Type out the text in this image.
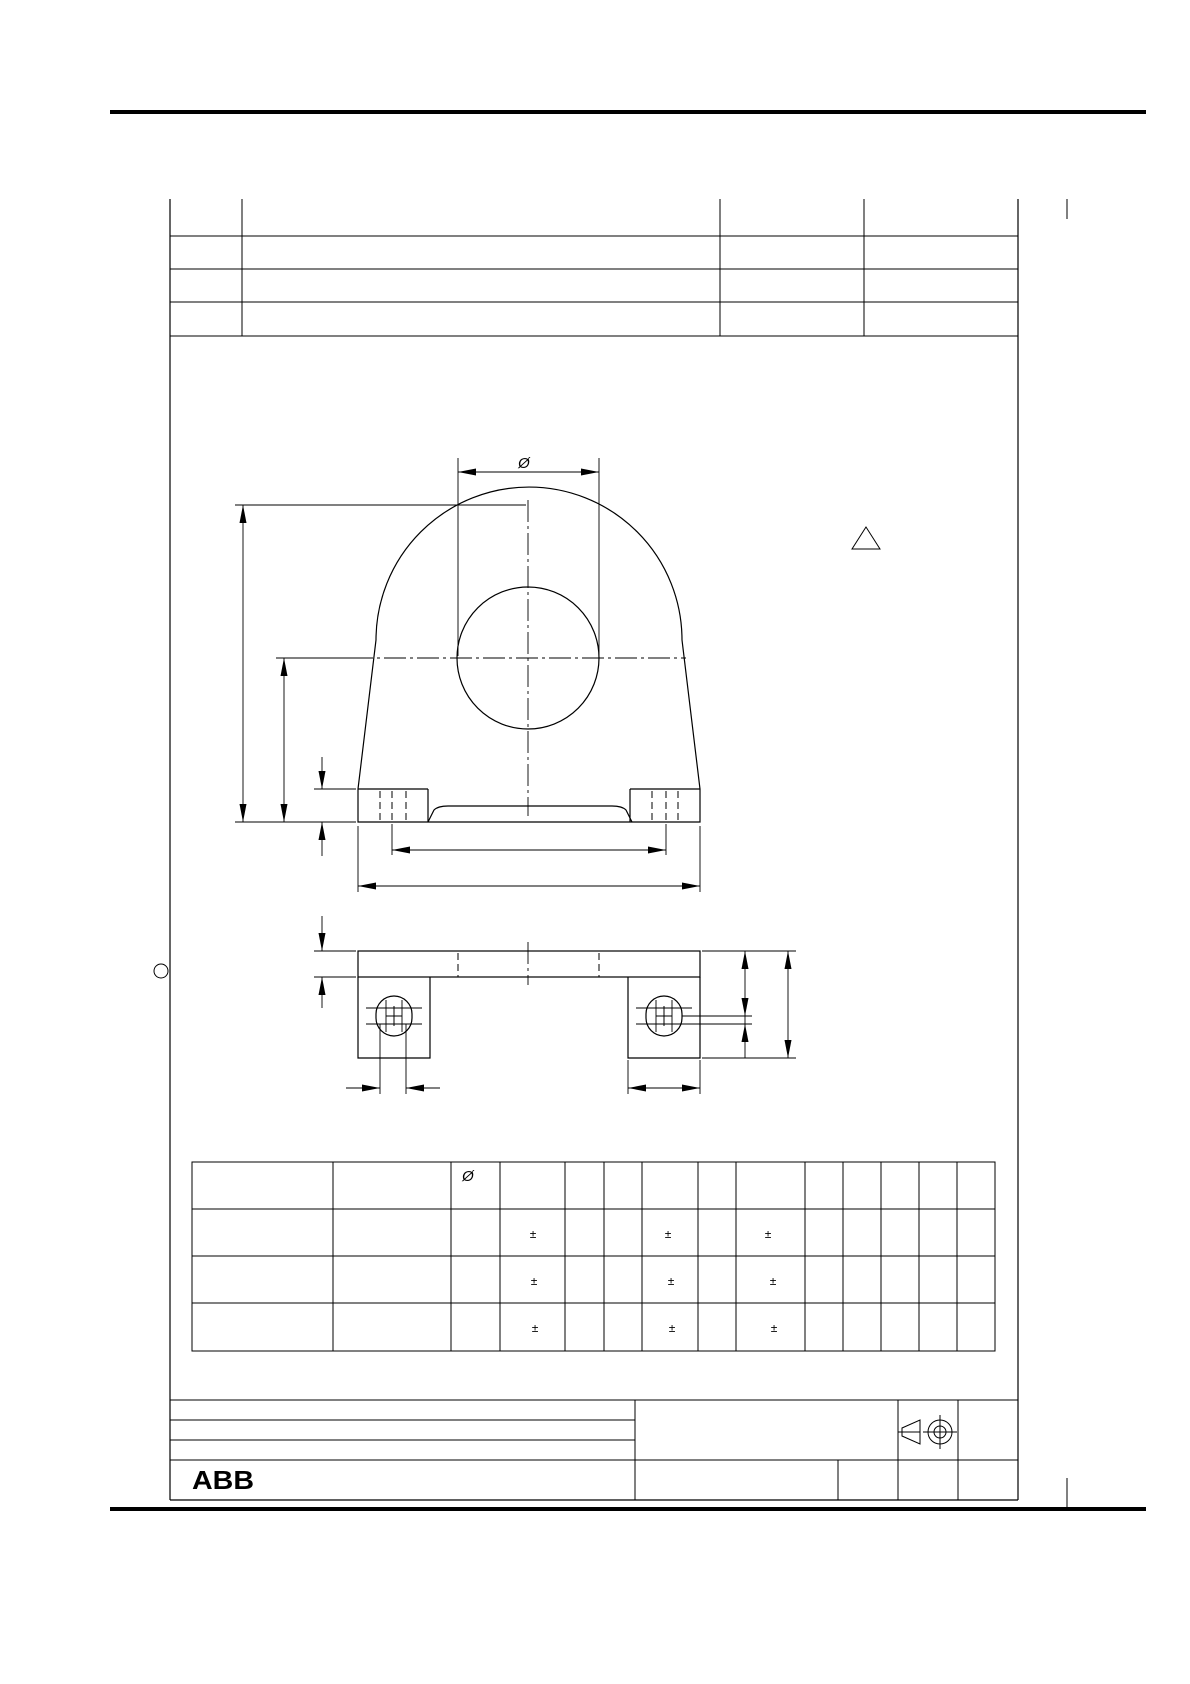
Ø
Ø
±	±	±
±	±	±
±	±	±
ABB
